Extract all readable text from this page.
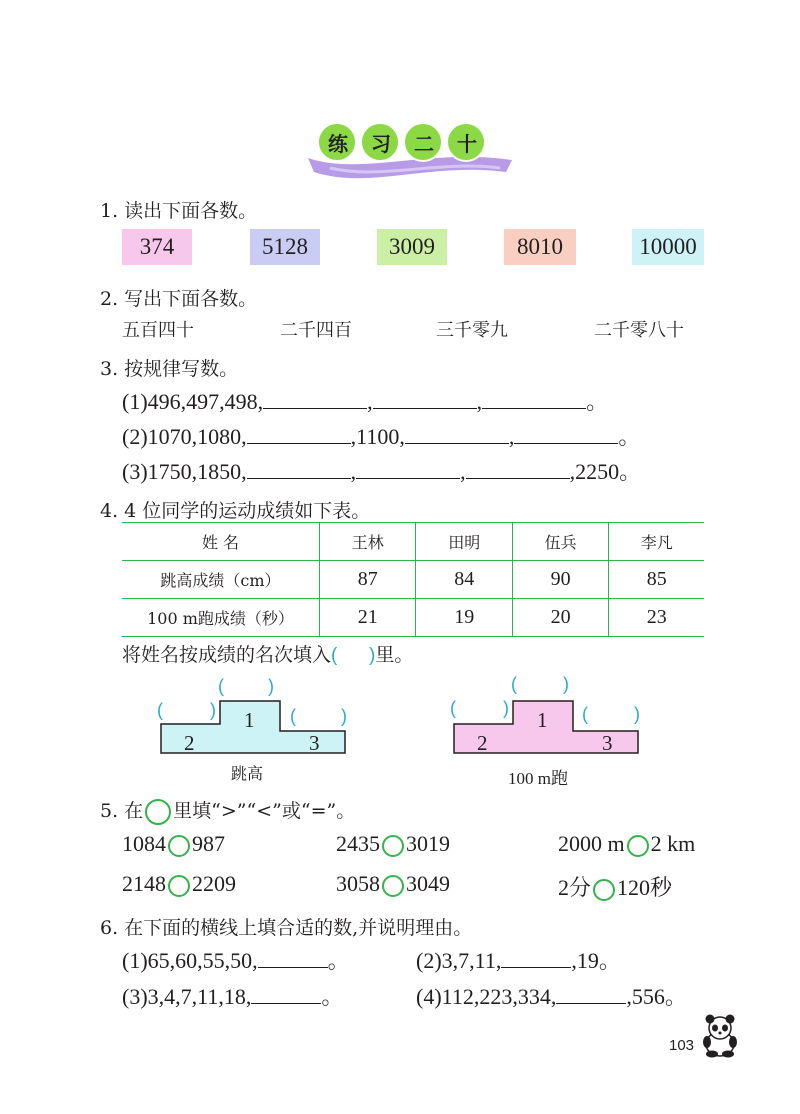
练 习 二 十
1. 读出下面各数。
374	5128	3009	8010	10000
2. 写出下面各数。
五百四十	二千四百	三千零九	二千零八十
3. 按规律写数。
(1)496,497,498,	,	,	。
(2)1070,1080,	,1100,	,	。
(3)1750,1850,	,	,	,2250。
4. 4 位同学的运动成绩如下表。
姓 名	王林	田明	伍兵	李凡
跳高成绩（cm）	87	84	90	85
100 m跑成绩（秒）	21	19	20	23
将姓名按成绩的名次填入(      )里。
( )
(	)	(	)
1
2	3
跳高
(	)
(	)	(	)
1
2	3
100 m跑
5. 在 里填“>”“<”或“=”。
1084 987	2435 3019	2000 m 2 km
2148 2209	3058 3049	2分 120秒
6. 在下面的横线上填合适的数,并说明理由。
(1)65,60,55,50,	。	(2)3,7,11,	,19。
(3)3,4,7,11,18,	。	(4)112,223,334,	,556。
103
